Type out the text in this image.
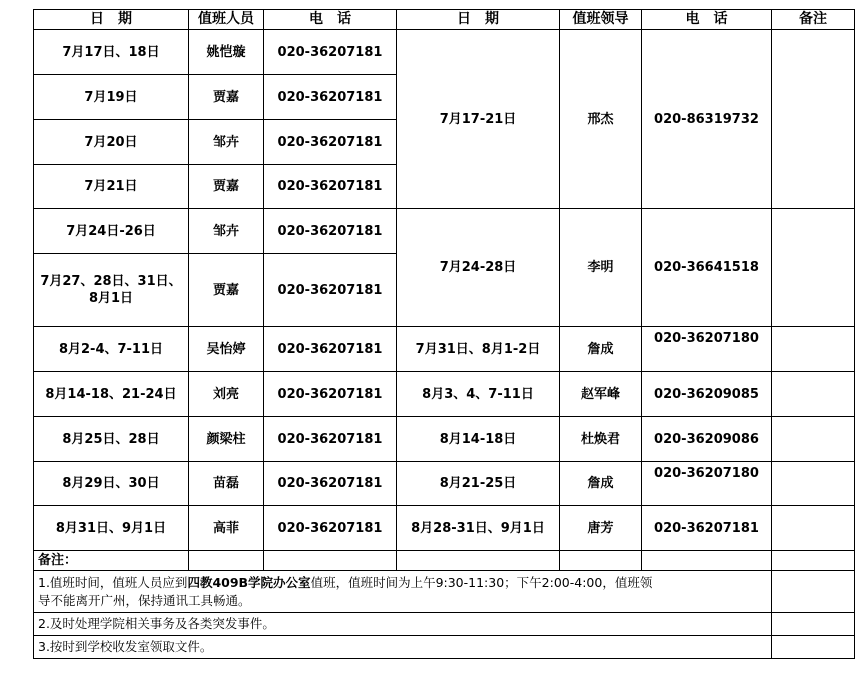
日　期	值班人员	电　话	日　期	值班领导	电　话	备注
7月17日、18日	姚恺璇	020-36207181	7月17-21日	邢杰	020-86319732	
7月19日	贾嘉	020-36207181				
7月20日	邹卉	020-36207181				
7月21日	贾嘉	020-36207181				
7月24日-26日	邹卉	020-36207181	7月24-28日	李明	020-36641518	
7月27、28日、31日、
8月1日	贾嘉	020-36207181				
8月2-4、7-11日	吴怡婷	020-36207181	7月31日、8月1-2日	詹成	020-36207180	
8月14-18、21-24日	刘亮	020-36207181	8月3、4、7-11日	赵军峰	020-36209085	
8月25日、28日	颜梁柱	020-36207181	8月14-18日	杜焕君	020-36209086	
8月29日、30日	苗磊	020-36207181	8月21-25日	詹成	020-36207180	
8月31日、9月1日	高菲	020-36207181	8月28-31日、9月1日	唐芳	020-36207181	
备注：						
1.值班时间，值班人员应到四教409B学院办公室值班，值班时间为上午9:30-11:30；下午2:00-4:00，值班领
导不能离开广州，保持通讯工具畅通。						
2.及时处理学院相关事务及各类突发事件。						
3.按时到学校收发室领取文件。						
